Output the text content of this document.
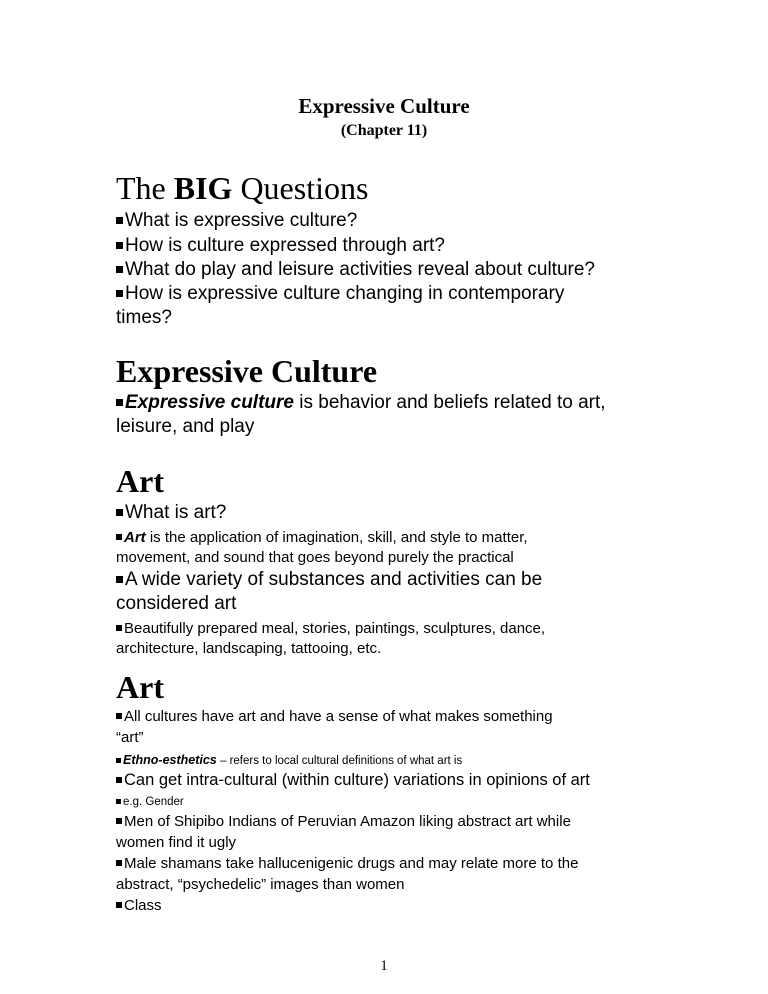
Expressive Culture
(Chapter 11)
The BIG Questions
What is expressive culture?
How is culture expressed through art?
What do play and leisure activities reveal about culture?
How is expressive culture changing in contemporary
times?
Expressive Culture
Expressive culture is behavior and beliefs related to art,
leisure, and play
Art
What is art?
Art is the application of imagination, skill, and style to matter,
movement, and sound that goes beyond purely the practical
A wide variety of substances and activities can be
considered art
Beautifully prepared meal, stories, paintings, sculptures, dance,
architecture, landscaping, tattooing, etc.
Art
All cultures have art and have a sense of what makes something
“art”
Ethno-esthetics – refers to local cultural definitions of what art is
Can get intra-cultural (within culture) variations in opinions of art
e.g. Gender
Men of Shipibo Indians of Peruvian Amazon liking abstract art while
women find it ugly
Male shamans take hallucenigenic drugs and may relate more to the
abstract, “psychedelic” images than women
Class
1
